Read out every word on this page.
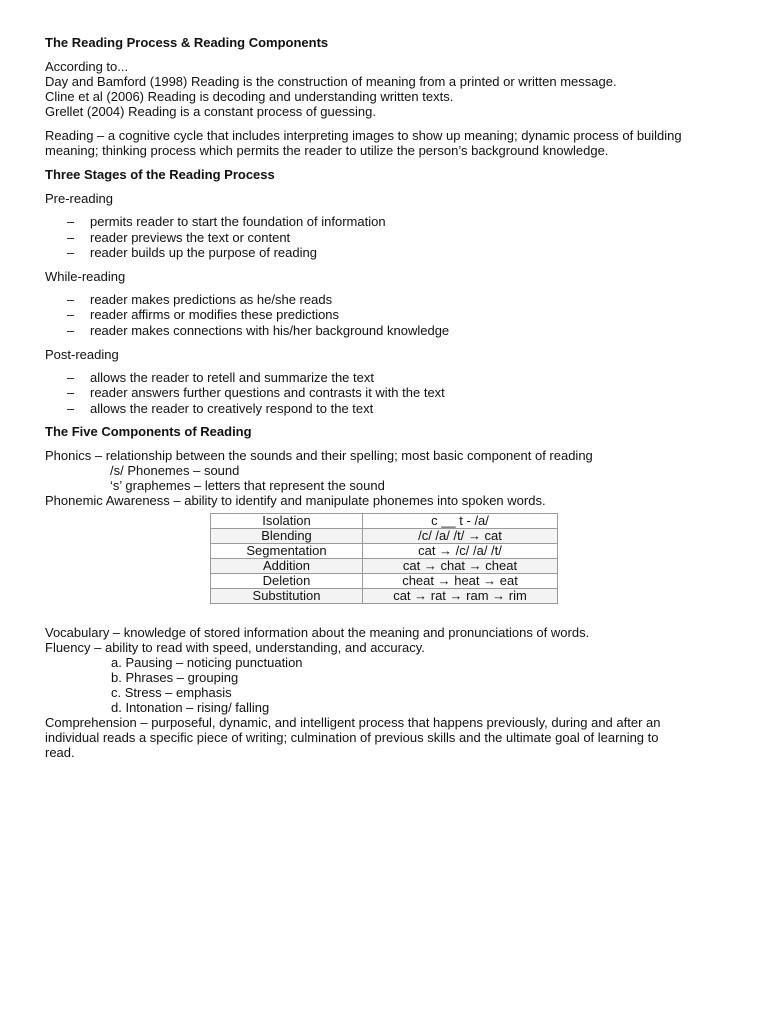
The Reading Process & Reading Components
According to...
Day and Bamford (1998) Reading is the construction of meaning from a printed or written message.
Cline et al (2006) Reading is decoding and understanding written texts.
Grellet (2004) Reading is a constant process of guessing.
Reading – a cognitive cycle that includes interpreting images to show up meaning; dynamic process of building
meaning; thinking process which permits the reader to utilize the person’s background knowledge.
Three Stages of the Reading Process
Pre-reading
– permits reader to start the foundation of information
– reader previews the text or content
– reader builds up the purpose of reading
While-reading
– reader makes predictions as he/she reads
– reader affirms or modifies these predictions
– reader makes connections with his/her background knowledge
Post-reading
– allows the reader to retell and summarize the text
– reader answers further questions and contrasts it with the text
– allows the reader to creatively respond to the text
The Five Components of Reading
Phonics – relationship between the sounds and their spelling; most basic component of reading
/s/ Phonemes – sound
‘s’ graphemes – letters that represent the sound
Phonemic Awareness – ability to identify and manipulate phonemes into spoken words.
Isolation	c __ t - /a/
Blending	/c/ /a/ /t/ → cat
Segmentation	cat → /c/ /a/ /t/
Addition	cat → chat → cheat
Deletion	cheat → heat → eat
Substitution	cat → rat → ram → rim
Vocabulary – knowledge of stored information about the meaning and pronunciations of words.
Fluency – ability to read with speed, understanding, and accuracy.
a. Pausing – noticing punctuation
b. Phrases – grouping
c. Stress – emphasis
d. Intonation – rising/ falling
Comprehension – purposeful, dynamic, and intelligent process that happens previously, during and after an
individual reads a specific piece of writing; culmination of previous skills and the ultimate goal of learning to
read.
